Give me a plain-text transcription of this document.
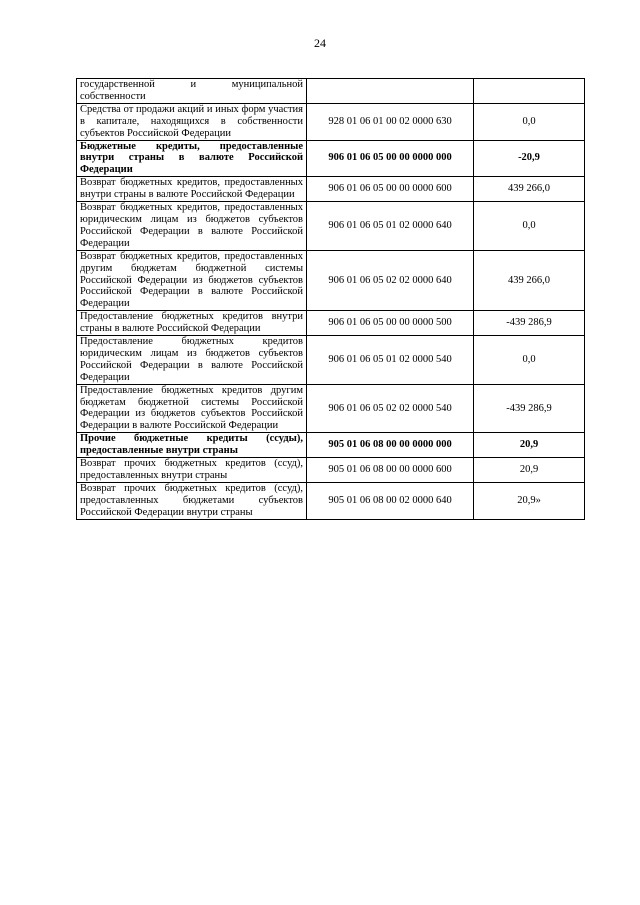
24
государственной и муниципальной собственности		
Средства от продажи акций и иных форм участия в капитале, находящихся в собственности субъектов Российской Федерации	928 01 06 01 00 02 0000 630	0,0
Бюджетные кредиты, предоставленные внутри страны в валюте Российской Федерации	906 01 06 05 00 00 0000 000	-20,9
Возврат бюджетных кредитов, предоставленных внутри страны в валюте Российской Федерации	906 01 06 05 00 00 0000 600	439 266,0
Возврат бюджетных кредитов, предоставленных юридическим лицам из бюджетов субъектов Российской Федерации в валюте Российской Федерации	906 01 06 05 01 02 0000 640	0,0
Возврат бюджетных кредитов, предоставленных другим бюджетам бюджетной системы Российской Федерации из бюджетов субъектов Российской Федерации в валюте Российской Федерации	906 01 06 05 02 02 0000 640	439 266,0
Предоставление бюджетных кредитов внутри страны в валюте Российской Федерации	906 01 06 05 00 00 0000 500	-439 286,9
Предоставление бюджетных кредитов юридическим лицам из бюджетов субъектов Российской Федерации в валюте Российской Федерации	906 01 06 05 01 02 0000 540	0,0
Предоставление бюджетных кредитов другим бюджетам бюджетной системы Российской Федерации из бюджетов субъектов Российской Федерации в валюте Российской Федерации	906 01 06 05 02 02 0000 540	-439 286,9
Прочие бюджетные кредиты (ссуды), предоставленные внутри страны	905 01 06 08 00 00 0000 000	20,9
Возврат прочих бюджетных кредитов (ссуд), предоставленных внутри страны	905 01 06 08 00 00 0000 600	20,9
Возврат прочих бюджетных кредитов (ссуд), предоставленных бюджетами субъектов Российской Федерации внутри страны	905 01 06 08 00 02 0000 640	20,9»
